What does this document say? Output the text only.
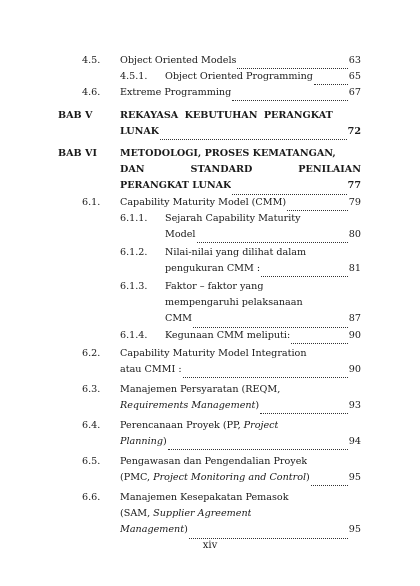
4.5. Object Oriented Models	63
4.5.1. Object Oriented Programming	65
4.6. Extreme Programming	67
BAB V	REKAYASA KEBUTUHAN PERANGKAT
LUNAK	72
BAB VI METODOLOGI, PROSES KEMATANGAN,
DAN	STANDARD	PENILAIAN
PERANGKAT LUNAK	77
6.1. Capability Maturity Model (CMM)	79
6.1.1. Sejarah Capability Maturity
Model	80
6.1.2. Nilai-nilai yang dilihat dalam
pengukuran CMM :	81
6.1.3. Faktor – faktor yang
mempengaruhi pelaksanaan
CMM	87
6.1.4. Kegunaan CMM meliputi:	90
6.2. Capability Maturity Model Integration
atau CMMI :	90
6.3. Manajemen Persyaratan (REQM,
Requirements Management)	93
6.4. Perencanaan Proyek (PP, Project
Planning)	94
6.5. Pengawasan dan Pengendalian Proyek
(PMC, Project Monitoring and Control)	95
6.6. Manajemen Kesepakatan Pemasok
(SAM, Supplier Agreement
Management)	95
xiv
